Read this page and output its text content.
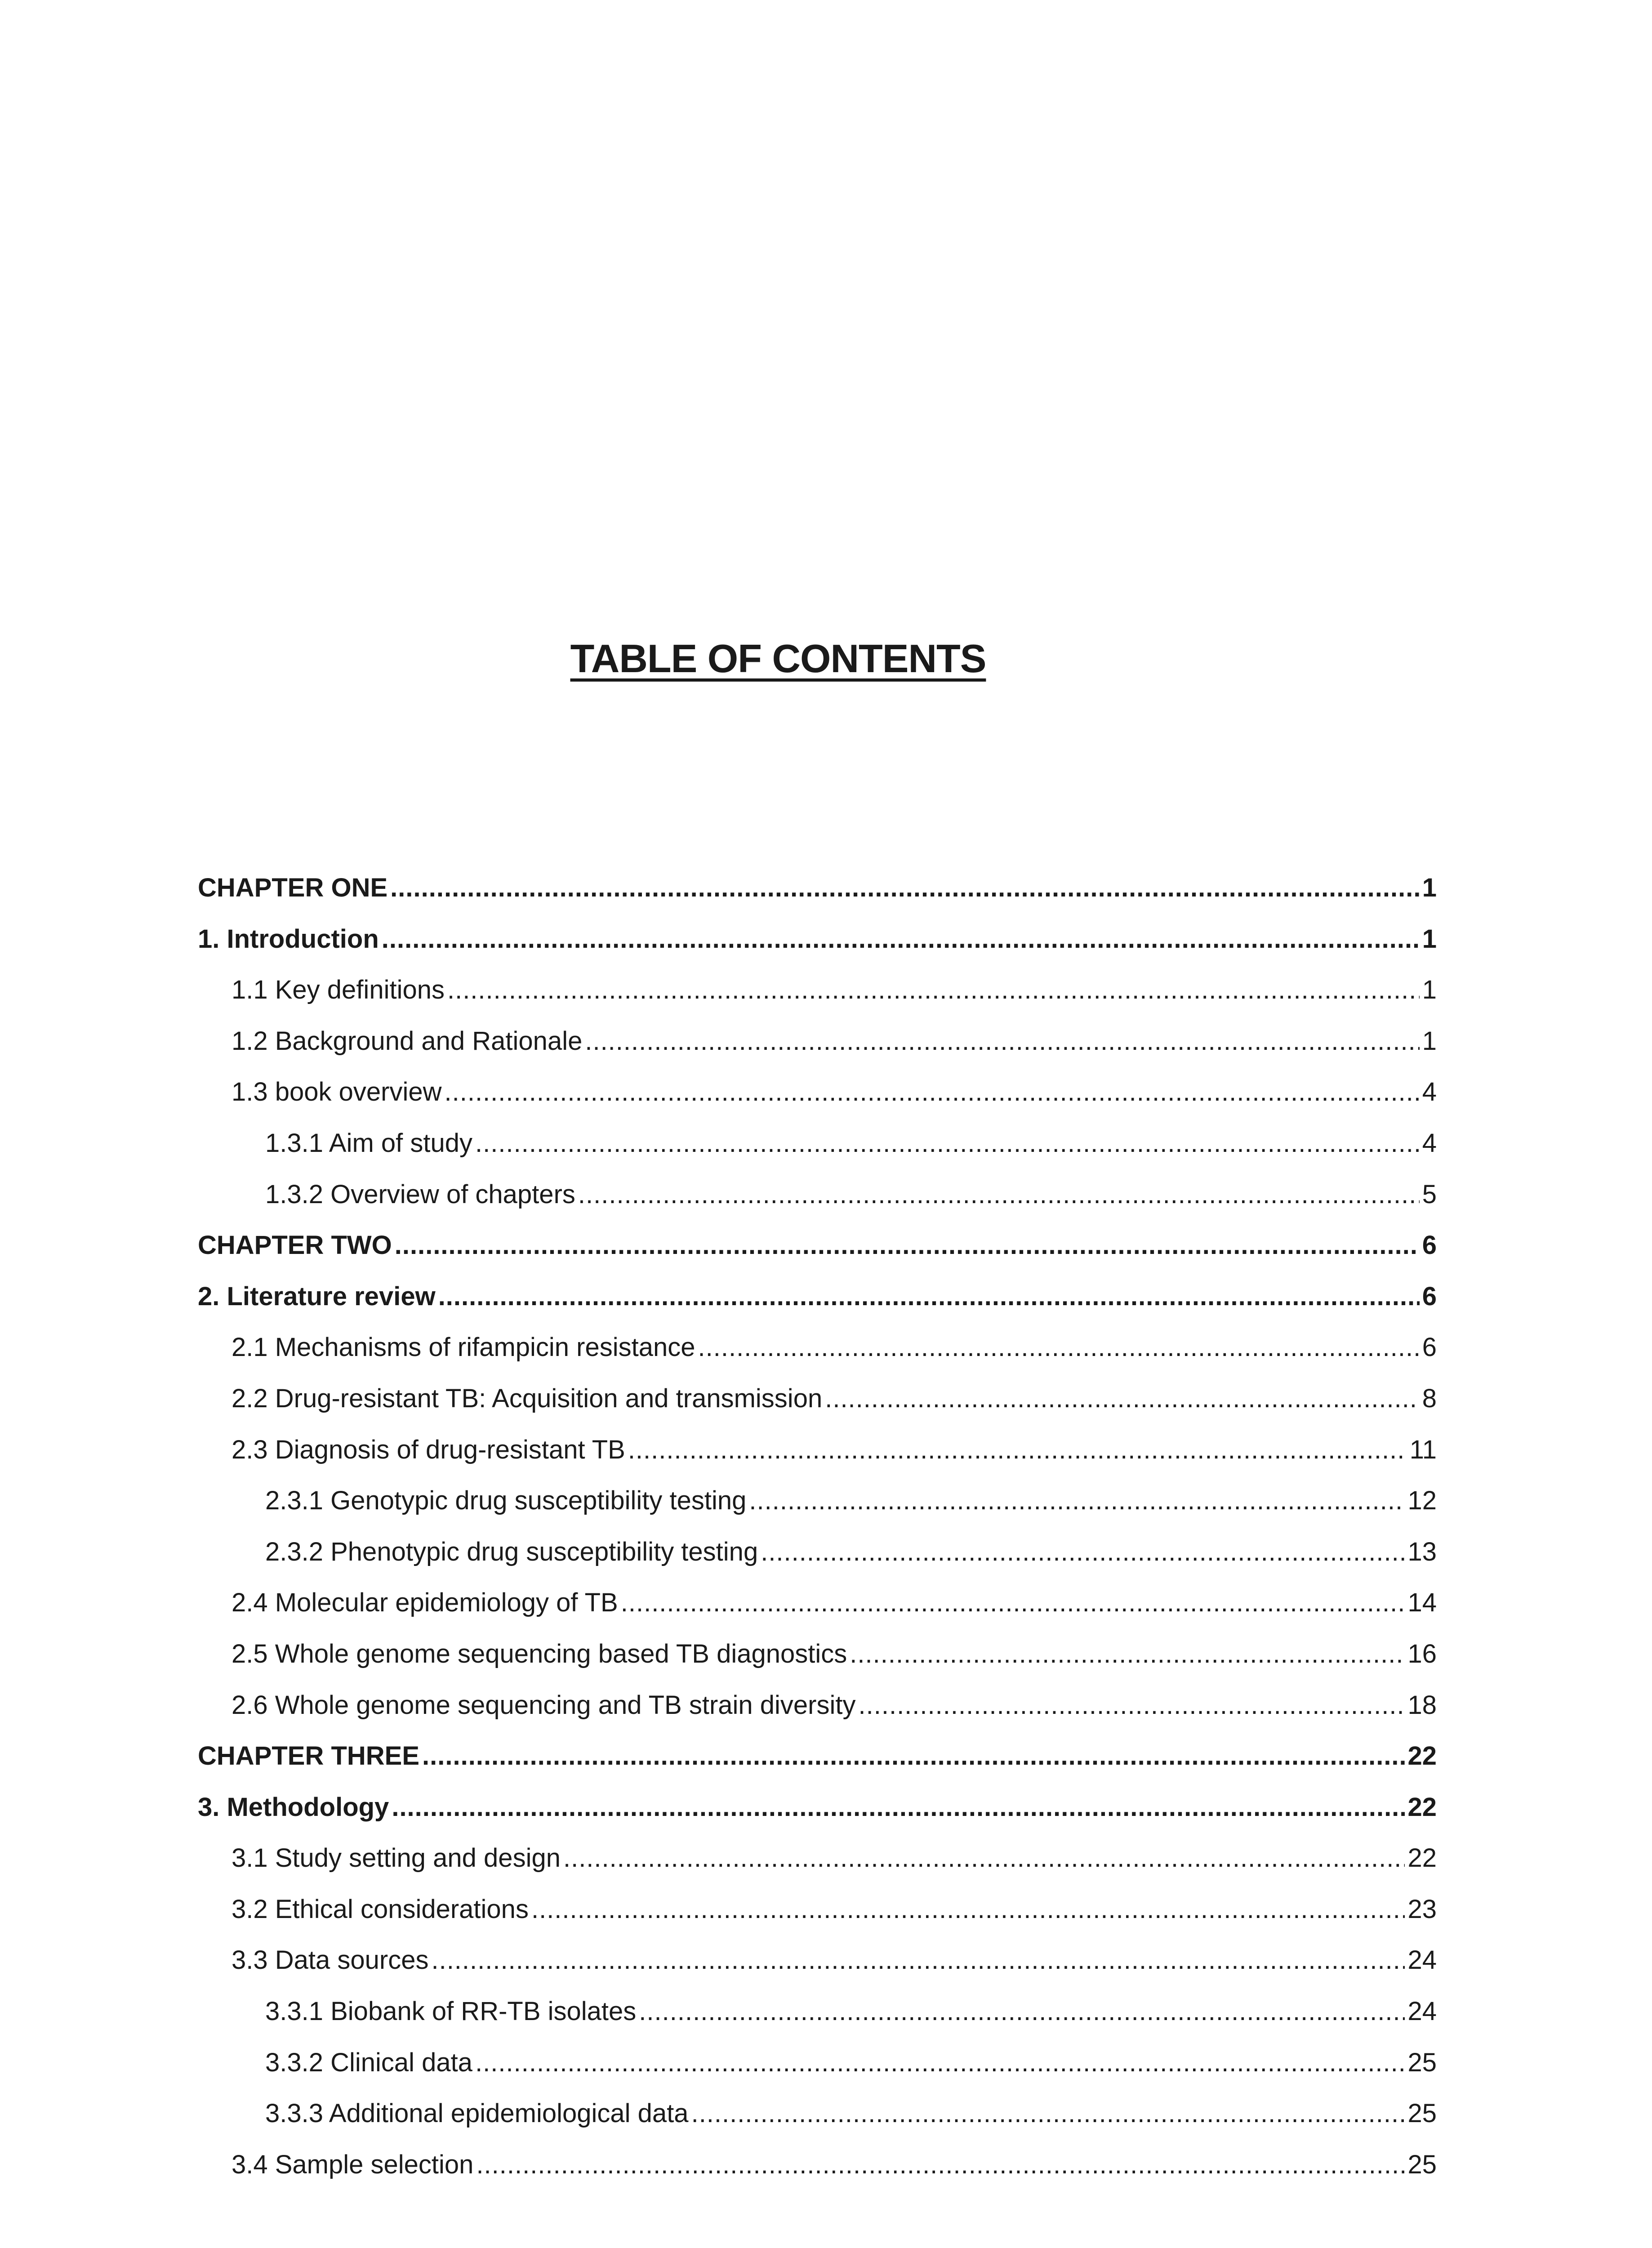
TABLE OF CONTENTS
CHAPTER ONE .....	1
1. Introduction .....	1
1.1 Key definitions .....	1
1.2 Background and Rationale .....	1
1.3 book overview .....	4
1.3.1 Aim of study .....	4
1.3.2 Overview of chapters .....	5
CHAPTER TWO .....	6
2. Literature review .....	6
2.1 Mechanisms of rifampicin resistance .....	6
2.2 Drug-resistant TB: Acquisition and transmission .....	8
2.3 Diagnosis of drug-resistant TB .....	11
2.3.1 Genotypic drug susceptibility testing .....	12
2.3.2 Phenotypic drug susceptibility testing .....	13
2.4 Molecular epidemiology of TB .....	14
2.5 Whole genome sequencing based TB diagnostics .....	16
2.6 Whole genome sequencing and TB strain diversity .....	18
CHAPTER THREE .....	22
3. Methodology .....	22
3.1 Study setting and design .....	22
3.2 Ethical considerations .....	23
3.3 Data sources .....	24
3.3.1 Biobank of RR-TB isolates .....	24
3.3.2 Clinical data .....	25
3.3.3 Additional epidemiological data .....	25
3.4 Sample selection .....	25
